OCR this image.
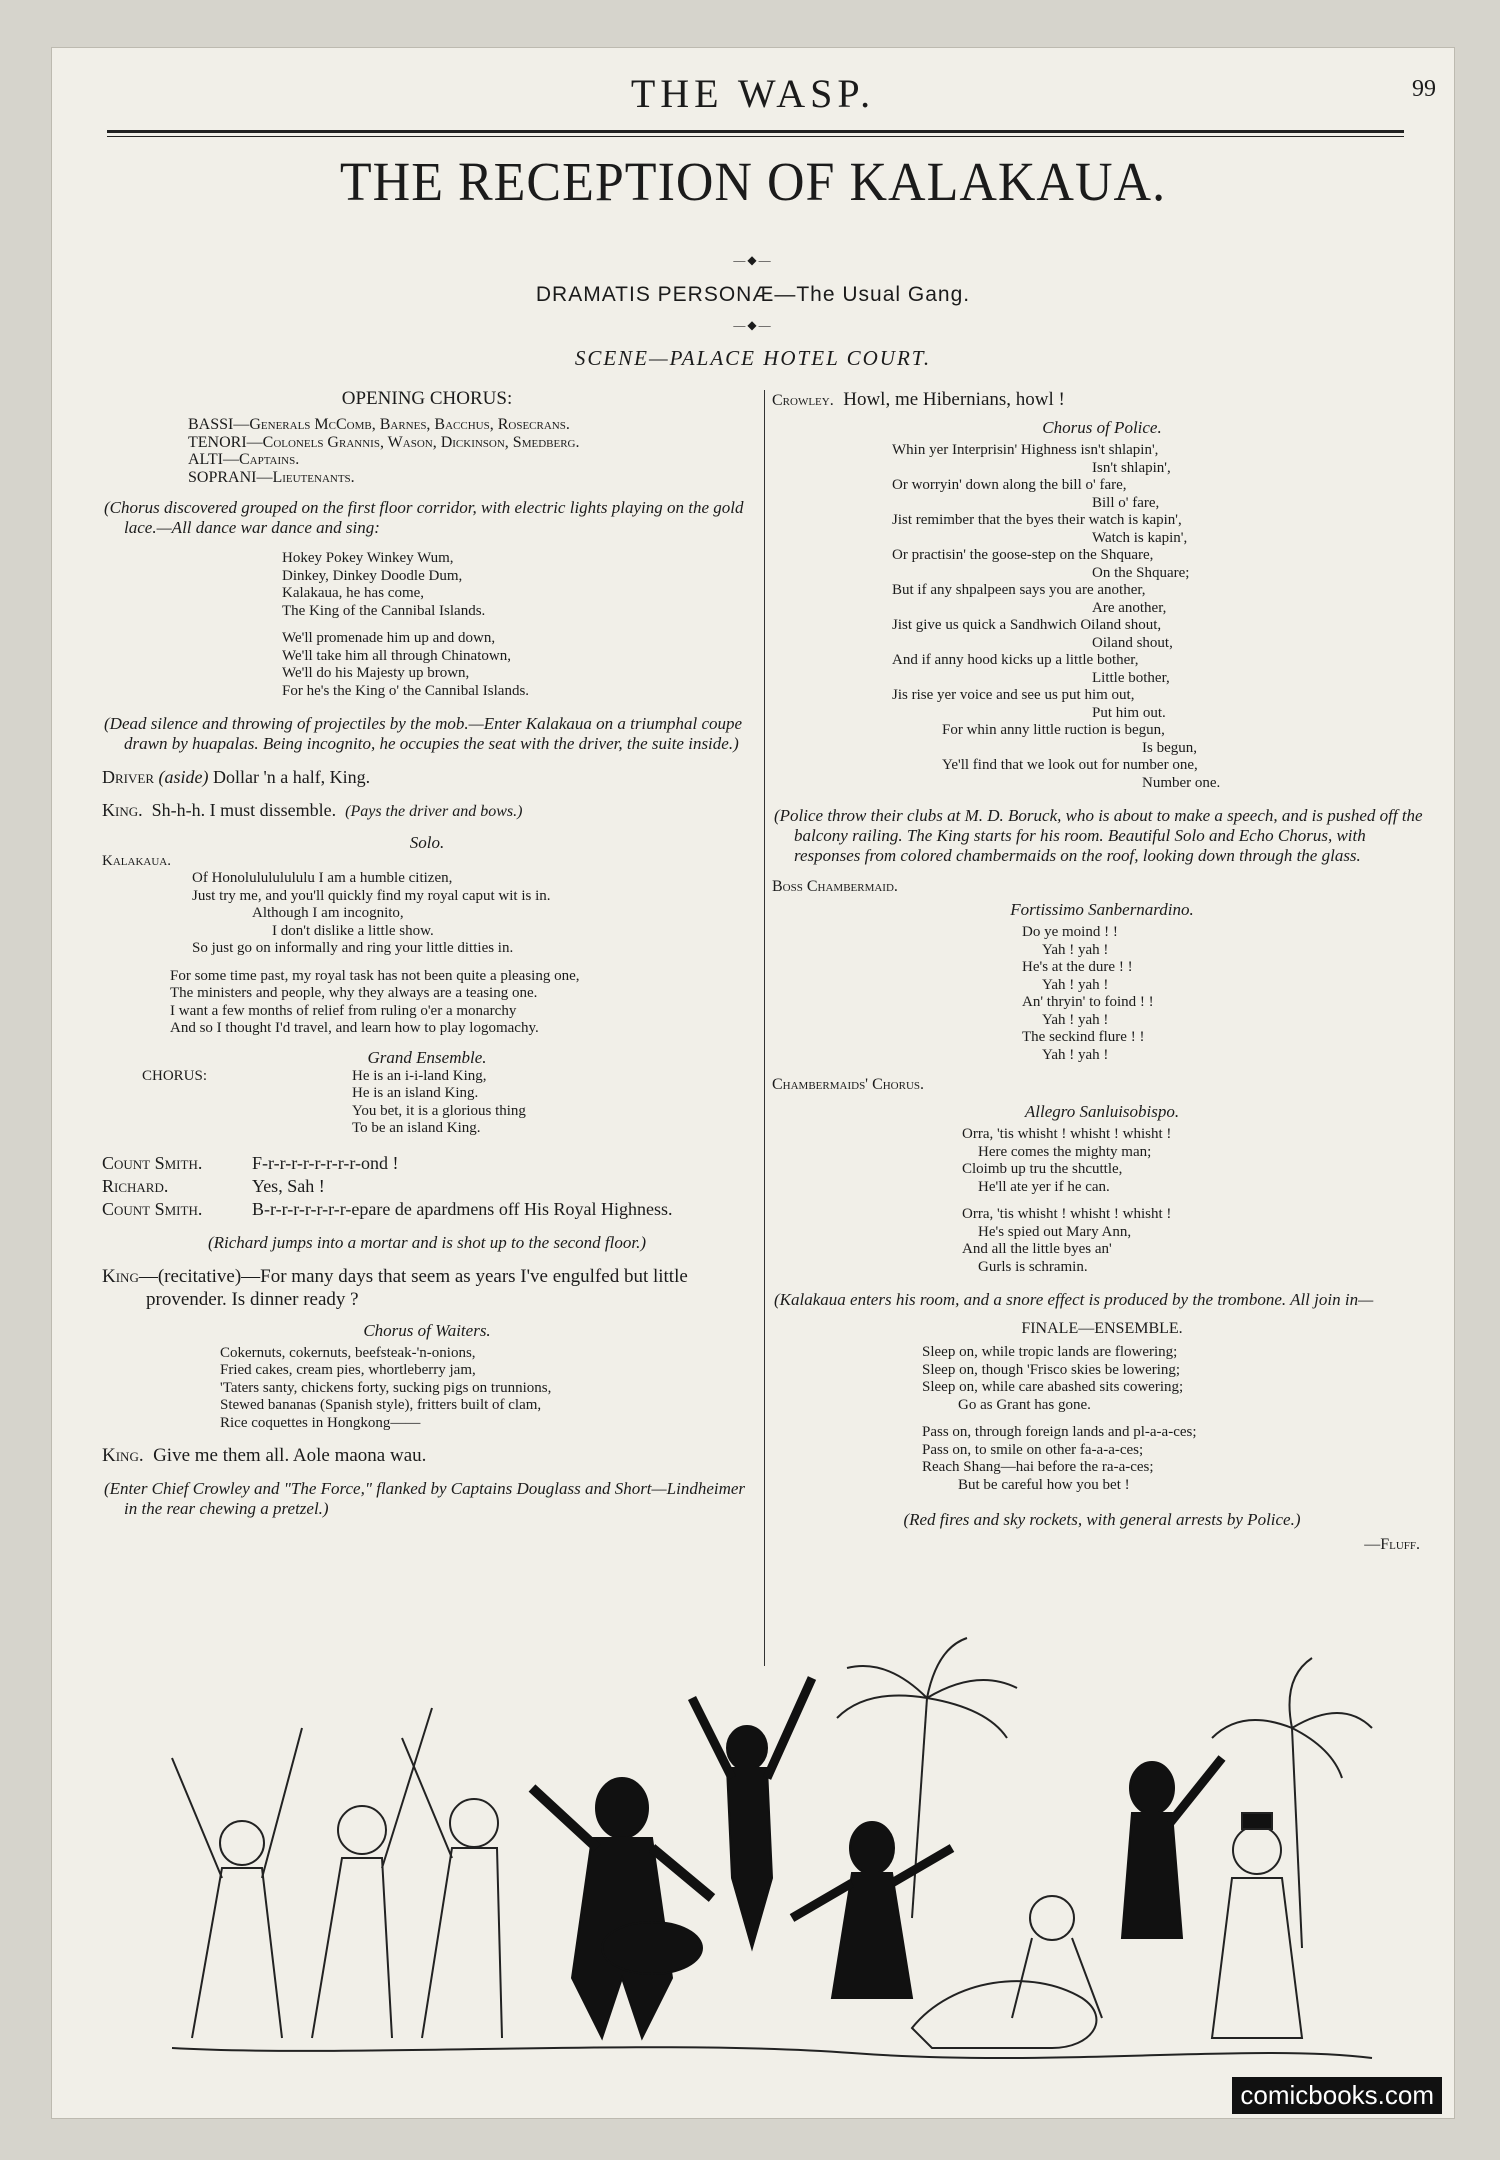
THE WASP.	99
THE RECEPTION OF KALAKAUA.
—◆—
DRAMATIS PERSONÆ—The Usual Gang.
—◆—
SCENE—PALACE HOTEL COURT.

OPENING CHORUS:

BASSI—Generals McComb, Barnes, Bacchus, Rosecrans.

TENORI—Colonels Grannis, Wason, Dickinson, Smedberg.

ALTI—Captains.

SOPRANI—Lieutenants.

(Chorus discovered grouped on the first floor corridor, with electric lights playing on the gold lace.—All dance war dance and sing:

Hokey Pokey Winkey Wum,

Dinkey, Dinkey Doodle Dum,

Kalakaua, he has come,

The King of the Cannibal Islands.

We'll promenade him up and down,

We'll take him all through Chinatown,

We'll do his Majesty up brown,

For he's the King o' the Cannibal Islands.

(Dead silence and throwing of projectiles by the mob.—Enter Kalakaua on a triumphal coupe drawn by huapalas. Being incognito, he occupies the seat with the driver, the suite inside.)

Driver (aside) Dollar 'n a half, King.

King. Sh-h-h. I must dissemble. (Pays the driver and bows.)

Solo.

Kalakaua.

Of Honolulululululu I am a humble citizen,

Just try me, and you'll quickly find my royal caput wit is in.

Although I am incognito,

I don't dislike a little show.

So just go on informally and ring your little ditties in.

For some time past, my royal task has not been quite a pleasing one,

The ministers and people, why they always are a teasing one.

I want a few months of relief from ruling o'er a monarchy

And so I thought I'd travel, and learn how to play logomachy.

Grand Ensemble.

CHORUS:	He is an i-i-land King,

He is an island King.

You bet, it is a glorious thing

To be an island King.

Count Smith.	F-r-r-r-r-r-r-r-r-ond !

Richard.	Yes, Sah !

Count Smith.	B-r-r-r-r-r-r-r-epare de apardmens off His Royal Highness.

(Richard jumps into a mortar and is shot up to the second floor.)

King—(recitative)—For many days that seem as years I've engulfed but little provender. Is dinner ready ?

Chorus of Waiters.

Cokernuts, cokernuts, beefsteak-'n-onions,

Fried cakes, cream pies, whortleberry jam,

'Taters santy, chickens forty, sucking pigs on trunnions,

Stewed bananas (Spanish style), fritters built of clam,

Rice coquettes in Hongkong——

King. Give me them all. Aole maona wau.

(Enter Chief Crowley and "The Force," flanked by Captains Douglass and Short—Lindheimer in the rear chewing a pretzel.)

Crowley. Howl, me Hibernians, howl !

Chorus of Police.

Whin yer Interprisin' Highness isn't shlapin',

Isn't shlapin',

Or worryin' down along the bill o' fare,

Bill o' fare,

Jist remimber that the byes their watch is kapin',

Watch is kapin',

Or practisin' the goose-step on the Shquare,

On the Shquare;

But if any shpalpeen says you are another,

Are another,

Jist give us quick a Sandhwich Oiland shout,

Oiland shout,

And if anny hood kicks up a little bother,

Little bother,

Jis rise yer voice and see us put him out,

Put him out.

For whin anny little ruction is begun,

Is begun,

Ye'll find that we look out for number one,

Number one.

(Police throw their clubs at M. D. Boruck, who is about to make a speech, and is pushed off the balcony railing. The King starts for his room. Beautiful Solo and Echo Chorus, with responses from colored chambermaids on the roof, looking down through the glass.

Boss Chambermaid.

Fortissimo Sanbernardino.

Do ye moind ! !

Yah ! yah !

He's at the dure ! !

Yah ! yah !

An' thryin' to foind ! !

Yah ! yah !

The seckind flure ! !

Yah ! yah !

Chambermaids' Chorus.

Allegro Sanluisobispo.

Orra, 'tis whisht ! whisht ! whisht !

Here comes the mighty man;

Cloimb up tru the shcuttle,

He'll ate yer if he can.

Orra, 'tis whisht ! whisht ! whisht !

He's spied out Mary Ann,

And all the little byes an'

Gurls is schramin.

(Kalakaua enters his room, and a snore effect is produced by the trombone. All join in—

FINALE—ENSEMBLE.

Sleep on, while tropic lands are flowering;

Sleep on, though 'Frisco skies be lowering;

Sleep on, while care abashed sits cowering;

Go as Grant has gone.

Pass on, through foreign lands and pl-a-a-ces;

Pass on, to smile on other fa-a-a-ces;

Reach Shang—hai before the ra-a-ces;

But be careful how you bet !

(Red fires and sky rockets, with general arrests by Police.)

—Fluff.

comicbooks.com
